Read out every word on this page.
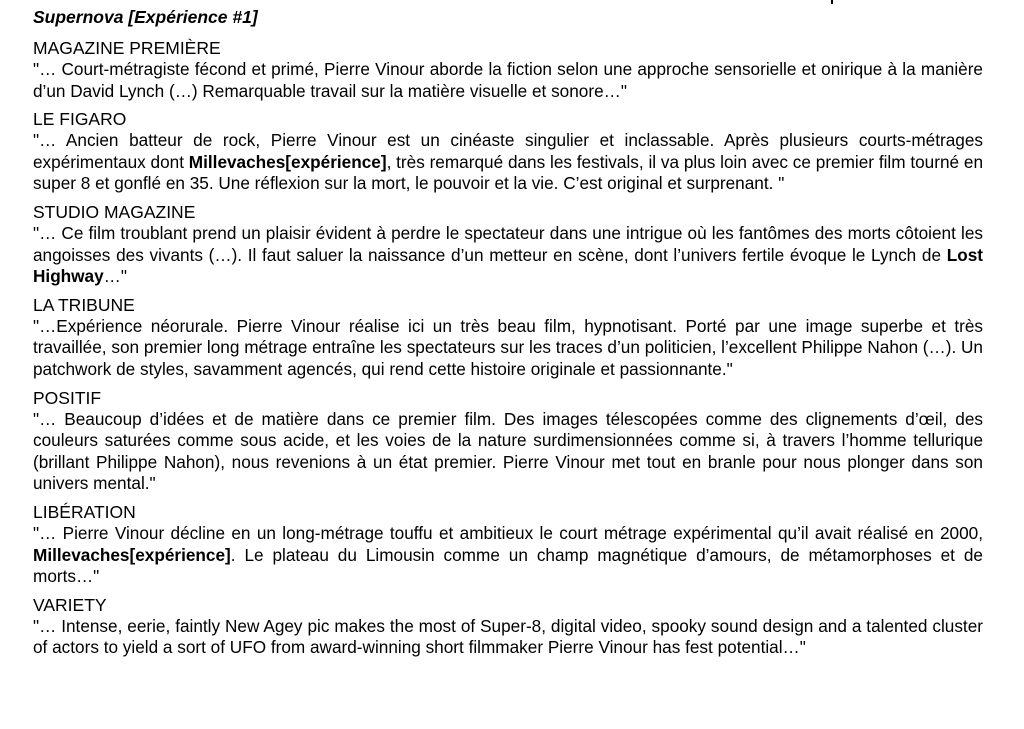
Supernova [Expérience #1]
MAGAZINE PREMIÈRE

"… Court-métragiste fécond et primé, Pierre Vinour aborde la fiction selon une approche sensorielle et onirique à la manière d’un David Lynch (…) Remarquable travail sur la matière visuelle et sonore…"

LE FIGARO

"… Ancien batteur de rock, Pierre Vinour est un cinéaste singulier et inclassable. Après plusieurs courts-métrages expérimentaux dont Millevaches[expérience], très remarqué dans les festivals, il va plus loin avec ce premier film tourné en super 8 et gonflé en 35. Une réflexion sur la mort, le pouvoir et la vie. C’est original et surprenant. "

STUDIO MAGAZINE

"… Ce film troublant prend un plaisir évident à perdre le spectateur dans une intrigue où les fantômes des morts côtoient les angoisses des vivants (…). Il faut saluer la naissance d’un metteur en scène, dont l’univers fertile évoque le Lynch de Lost Highway…"

LA TRIBUNE

"…Expérience néorurale. Pierre Vinour réalise ici un très beau film, hypnotisant. Porté par une image superbe et très travaillée, son premier long métrage entraîne les spectateurs sur les traces d’un politicien, l’excellent Philippe Nahon (…). Un patchwork de styles, savamment agencés, qui rend cette histoire originale et passionnante."

POSITIF

"… Beaucoup d’idées et de matière dans ce premier film. Des images télescopées comme des clignements d’œil, des couleurs saturées comme sous acide, et les voies de la nature surdimensionnées comme si, à travers l’homme tellurique (brillant Philippe Nahon), nous revenions à un état premier. Pierre Vinour met tout en branle pour nous plonger dans son univers mental."

LIBÉRATION

"… Pierre Vinour décline en un long-métrage touffu et ambitieux le court métrage expérimental qu’il avait réalisé en 2000, Millevaches[expérience]. Le plateau du Limousin comme un champ magnétique d’amours, de métamorphoses et de morts…"

VARIETY

"… Intense, eerie, faintly New Agey pic makes the most of Super-8, digital video, spooky sound design and a talented cluster of actors to yield a sort of UFO from award-winning short filmmaker Pierre Vinour has fest potential…"
